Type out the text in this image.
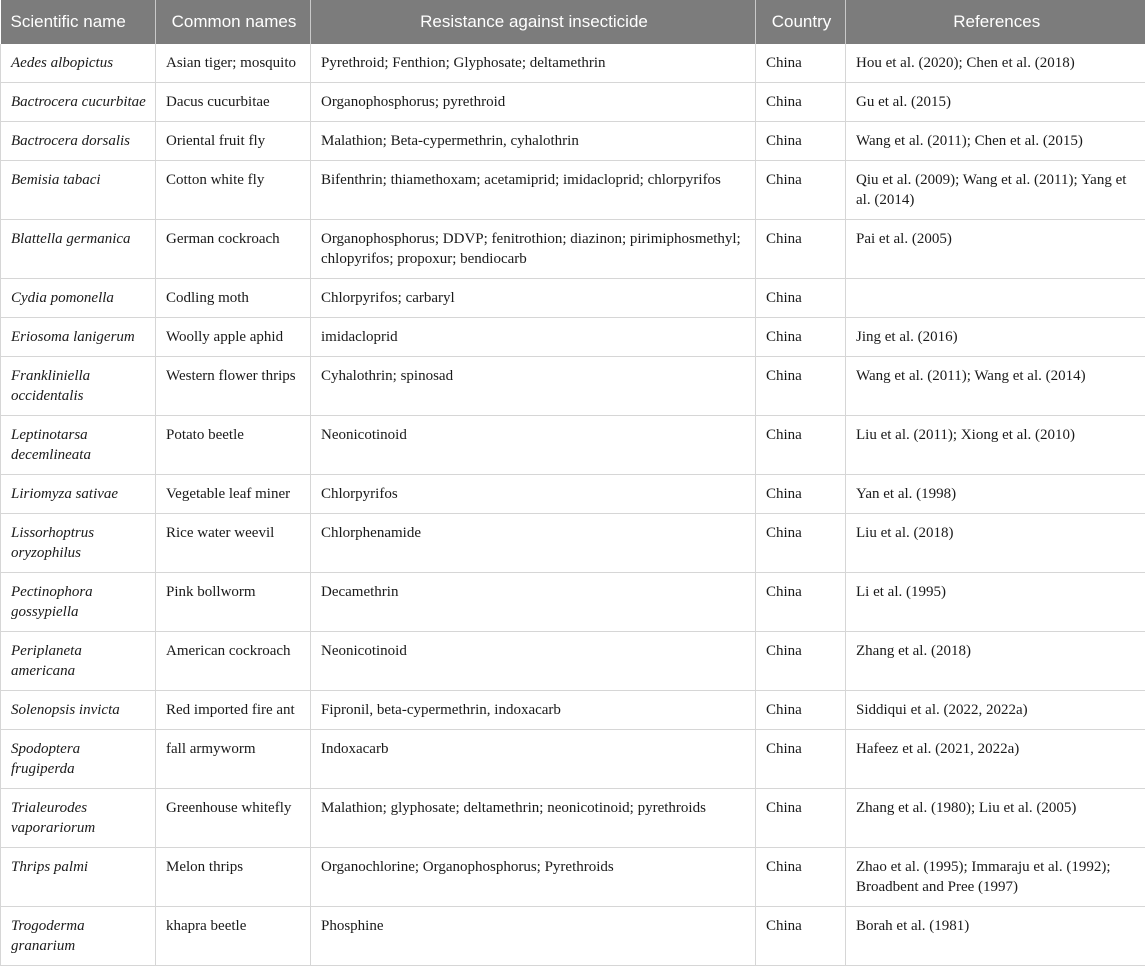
Scientific name	Common names	Resistance against insecticide	Country	References
Aedes albopictus	Asian tiger; mosquito	Pyrethroid; Fenthion; Glyphosate; deltamethrin	China	Hou et al. (2020); Chen et al. (2018)
Bactrocera cucurbitae	Dacus cucurbitae	Organophosphorus; pyrethroid	China	Gu et al. (2015)
Bactrocera dorsalis	Oriental fruit fly	Malathion; Beta-cypermethrin, cyhalothrin	China	Wang et al. (2011); Chen et al. (2015)
Bemisia tabaci	Cotton white fly	Bifenthrin; thiamethoxam; acetamiprid; imidacloprid; chlorpyrifos	China	Qiu et al. (2009); Wang et al. (2011); Yang et al. (2014)
Blattella germanica	German cockroach	Organophosphorus; DDVP; fenitrothion; diazinon; pirimiphosmethyl; chlopyrifos; propoxur; bendiocarb	China	Pai et al. (2005)
Cydia pomonella	Codling moth	Chlorpyrifos; carbaryl	China	
Eriosoma lanigerum	Woolly apple aphid	imidacloprid	China	Jing et al. (2016)
Frankliniella occidentalis	Western flower thrips	Cyhalothrin; spinosad	China	Wang et al. (2011); Wang et al. (2014)
Leptinotarsa decemlineata	Potato beetle	Neonicotinoid	China	Liu et al. (2011); Xiong et al. (2010)
Liriomyza sativae	Vegetable leaf miner	Chlorpyrifos	China	Yan et al. (1998)
Lissorhoptrus oryzophilus	Rice water weevil	Chlorphenamide	China	Liu et al. (2018)
Pectinophora gossypiella	Pink bollworm	Decamethrin	China	Li et al. (1995)
Periplaneta americana	American cockroach	Neonicotinoid	China	Zhang et al. (2018)
Solenopsis invicta	Red imported fire ant	Fipronil, beta-cypermethrin, indoxacarb	China	Siddiqui et al. (2022, 2022a)
Spodoptera frugiperda	fall armyworm	Indoxacarb	China	Hafeez et al. (2021, 2022a)
Trialeurodes vaporariorum	Greenhouse whitefly	Malathion; glyphosate; deltamethrin; neonicotinoid; pyrethroids	China	Zhang et al. (1980); Liu et al. (2005)
Thrips palmi	Melon thrips	Organochlorine; Organophosphorus; Pyrethroids	China	Zhao et al. (1995); Immaraju et al. (1992); Broadbent and Pree (1997)
Trogoderma granarium	khapra beetle	Phosphine	China	Borah et al. (1981)
